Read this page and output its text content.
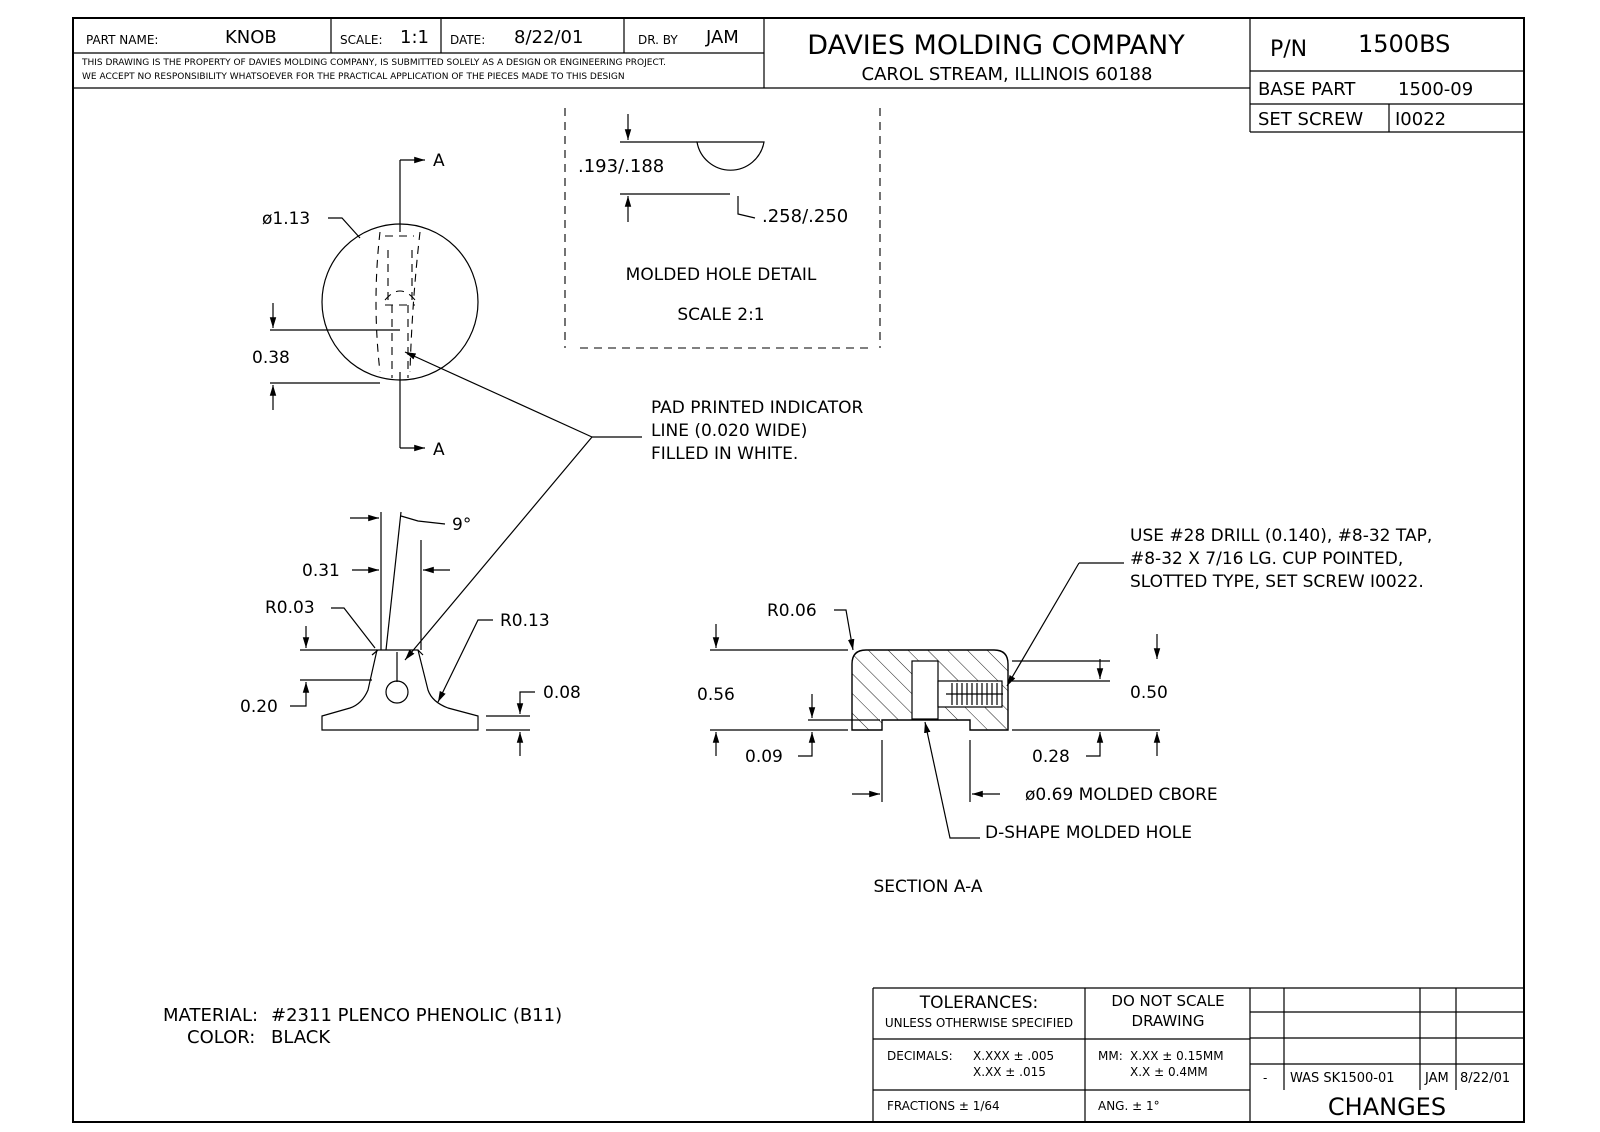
PART NAME:	KNOB	SCALE: 1:1 DATE: 8/22/01	DR. BY JAM
THIS DRAWING IS THE PROPERTY OF DAVIES MOLDING COMPANY, IS SUBMITTED SOLELY AS A DESIGN OR ENGINEERING PROJECT.
WE ACCEPT NO RESPONSIBILITY WHATSOEVER FOR THE PRACTICAL APPLICATION OF THE PIECES MADE TO THIS DESIGN
DAVIES MOLDING COMPANY
CAROL STREAM, ILLINOIS 60188
P/N 1500BS
BASE PART 1500-09
SET SCREW I0022
A
A
ø1.13
0.38
.193/.188
.258/.250
MOLDED HOLE DETAIL
SCALE 2:1
PAD PRINTED INDICATOR
LINE (0.020 WIDE)
FILLED IN WHITE.
9°
0.31
R0.03
R0.13
0.20
0.08
R0.06
0.56
0.09
0.50
0.28
ø0.69 MOLDED CBORE
D-SHAPE MOLDED HOLE
USE #28 DRILL (0.140), #8-32 TAP,
#8-32 X 7/16 LG. CUP POINTED,
SLOTTED TYPE, SET SCREW I0022.
SECTION A-A
MATERIAL: #2311 PLENCO PHENOLIC (B11)
COLOR: BLACK
TOLERANCES:
UNLESS OTHERWISE SPECIFIED
DO NOT SCALE
DRAWING
DECIMALS: X.XXX ± .005
X.XX ± .015
MM: X.XX ± 0.15MM
X.X ± 0.4MM
FRACTIONS ± 1/64	ANG. ± 1°
- WAS SK1500-01 JAM 8/22/01
CHANGES
